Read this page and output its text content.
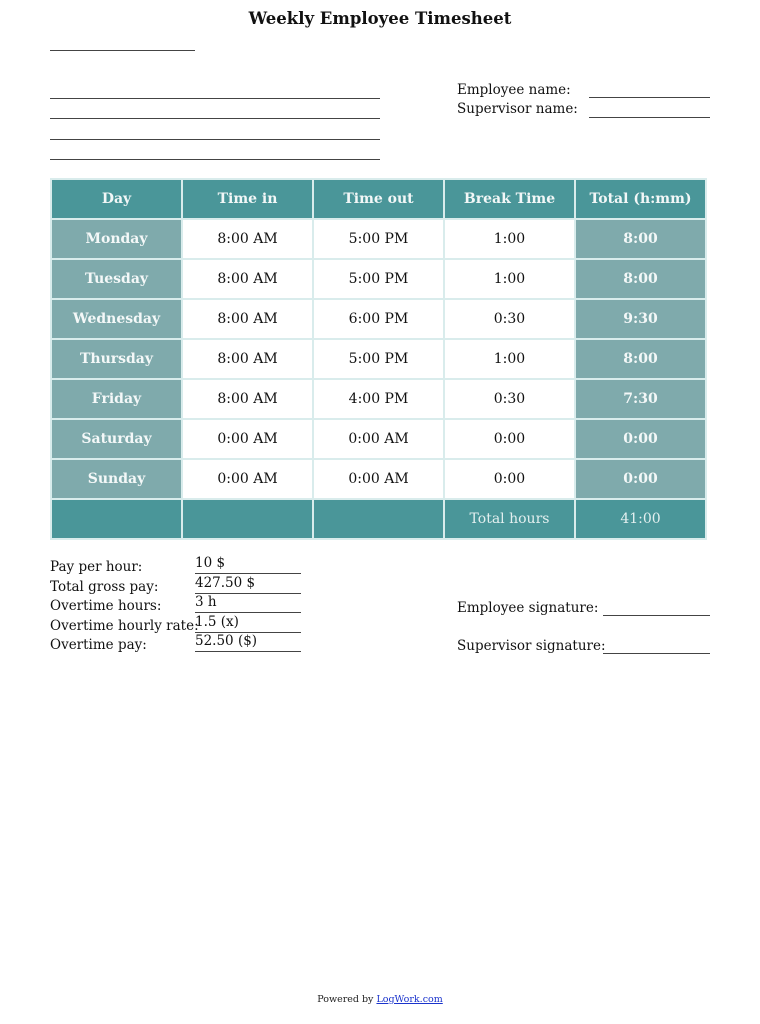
Weekly Employee Timesheet
Employee name:
Supervisor name:
Day	Time in	Time out	Break Time	Total (h:mm)
Monday	8:00 AM	5:00 PM	1:00	8:00
Tuesday	8:00 AM	5:00 PM	1:00	8:00
Wednesday	8:00 AM	6:00 PM	0:30	9:30
Thursday	8:00 AM	5:00 PM	1:00	8:00
Friday	8:00 AM	4:00 PM	0:30	7:30
Saturday	0:00 AM	0:00 AM	0:00	0:00
Sunday	0:00 AM	0:00 AM	0:00	0:00
			Total hours	41:00
Pay per hour:	10 $
Total gross pay:	427.50 $
Overtime hours: 3 h
Overtime hourly rate:
1.5 (x)
Overtime pay:	52.50 ($)
Employee signature:
Supervisor signature:
Powered by LogWork.com
